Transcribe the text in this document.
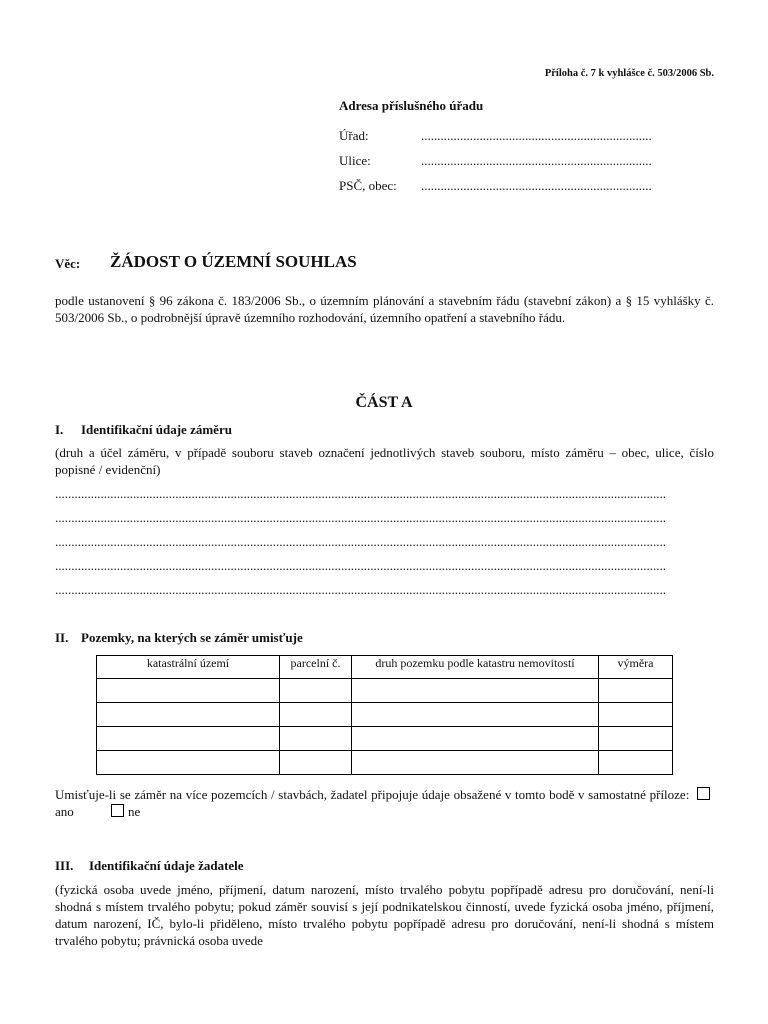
Příloha č. 7 k vyhlášce č. 503/2006 Sb.
Adresa příslušného úřadu
Úřad:	.......................................................................
Ulice:	.......................................................................
PSČ, obec: .......................................................................
Věc: ŽÁDOST O ÚZEMNÍ SOUHLAS
podle ustanovení § 96 zákona č. 183/2006 Sb., o územním plánování a stavebním řádu (stavební zákon) a § 15 vyhlášky č. 503/2006 Sb., o podrobnější úpravě územního rozhodování, územního opatření a stavebního řádu.
ČÁST A
I. Identifikační údaje záměru
(druh a účel záměru, v případě souboru staveb označení jednotlivých staveb souboru, místo záměru – obec, ulice, číslo popisné / evidenční)
............................................................................................................................................................................................
............................................................................................................................................................................................
............................................................................................................................................................................................
............................................................................................................................................................................................
............................................................................................................................................................................................
II. Pozemky, na kterých se záměr umisťuje
katastrální území	parcelní č.	druh pozemku podle katastru nemovitostí	výměra

Umisťuje-li se záměr na více pozemcích / stavbách, žadatel připojuje údaje obsažené v tomto bodě v samostatné příloze: ano	ne
III. Identifikační údaje žadatele
(fyzická osoba uvede jméno, příjmení, datum narození, místo trvalého pobytu popřípadě adresu pro doručování, není-li shodná s místem trvalého pobytu; pokud záměr souvisí s její podnikatelskou činností, uvede fyzická osoba jméno, příjmení, datum narození, IČ, bylo-li přiděleno, místo trvalého pobytu popřípadě adresu pro doručování, není-li shodná s místem trvalého pobytu; právnická osoba uvede
